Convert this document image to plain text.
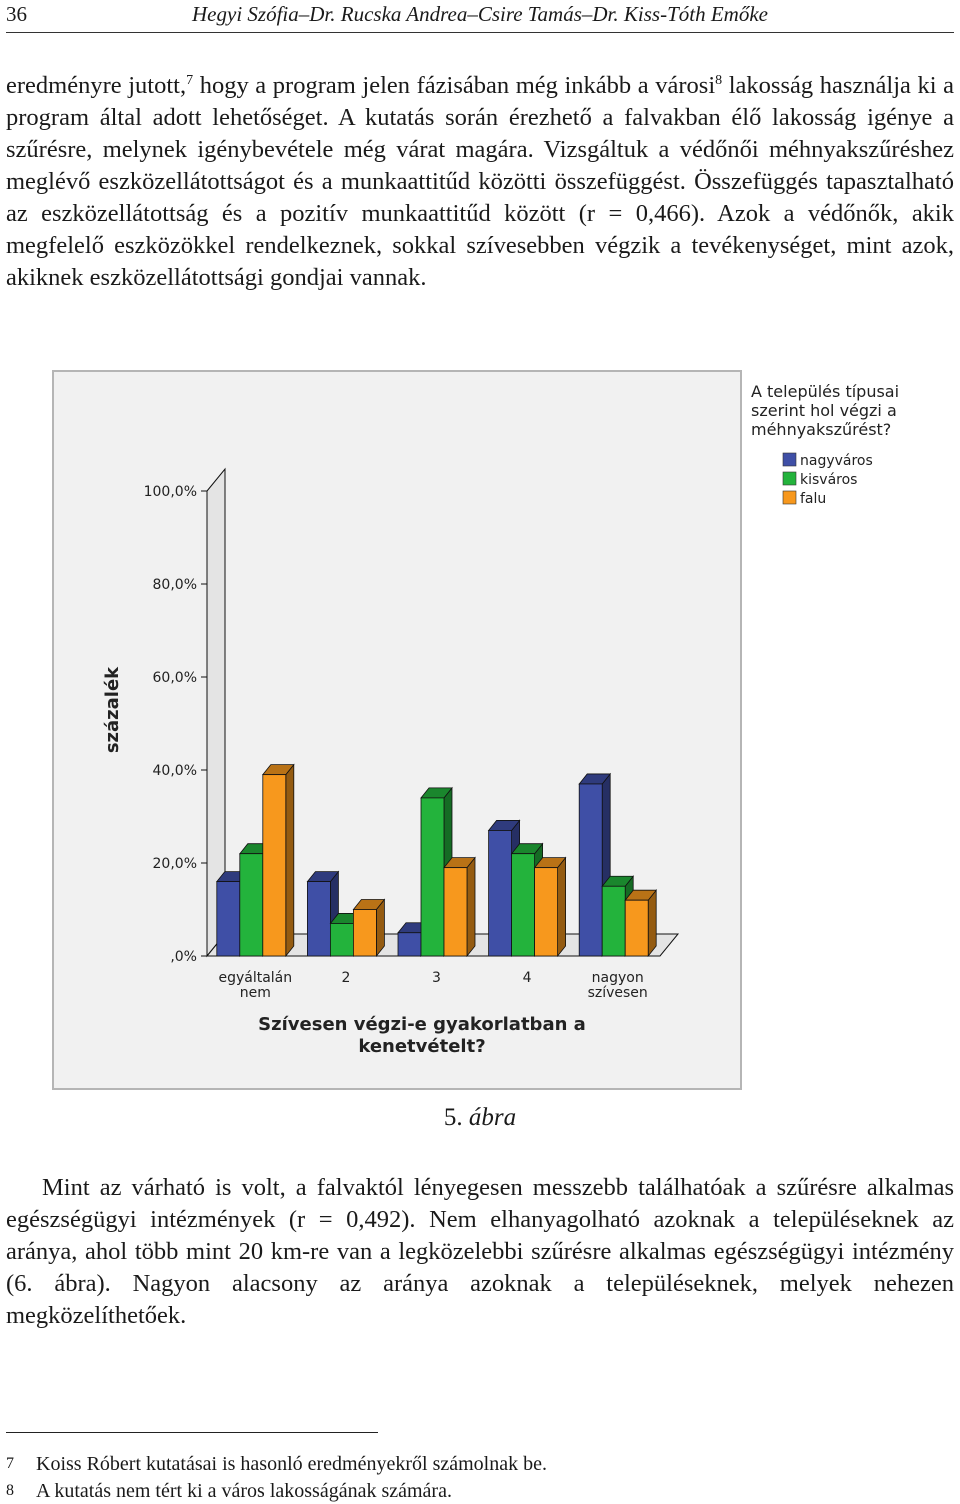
36	Hegyi Szófia–Dr. Rucska Andrea–Csire Tamás–Dr. Kiss-Tóth Emőke

eredményre jutott,$^7$ hogy a program jelen fázisában még inkább a városi$^8$ lakosság használja ki a program által adott lehetőséget. A kutatás során érezhető a falvakban élő lakosság igénye a szűrésre, melynek igénybevétele még várat magára. Vizsgáltuk a védőnői méhnyakszűréshez meglévő eszközellátottságot és a munkaattitűd közötti összefüggést. Összefüggés tapasztalható az eszközellátottság és a pozitív munkaattitűd között (r = 0,466). Azok a védőnők, akik megfelelő eszközökkel rendelkeznek, sokkal szívesebben végzik a tevékenységet, mint azok, akiknek eszközellátottsági gondjai vannak.

100,0%
80,0%
60,0%
40,0%
20,0%
,0%
százalék
egyáltalán
nem
2	3	4	nagyon
szívesen
Szívesen végzi-e gyakorlatban a
kenetvételt?
A település típusai
szerint hol végzi a
méhnyakszűrést?
nagyváros
kisváros
falu
5. ábra

Mint az várható is volt, a falvaktól lényegesen messzebb találhatóak a szűrésre alkalmas egészségügyi intézmények (r = 0,492). Nem elhanyagolható azoknak a településeknek az aránya, ahol több mint 20 km-re van a legközelebbi szűrésre alkalmas egészségügyi intézmény (6. ábra). Nagyon alacsony az aránya azoknak a településeknek, melyek nehezen megközelíthetőek.

7 Koiss Róbert kutatásai is hasonló eredményekről számolnak be.
8 A kutatás nem tért ki a város lakosságának számára.
